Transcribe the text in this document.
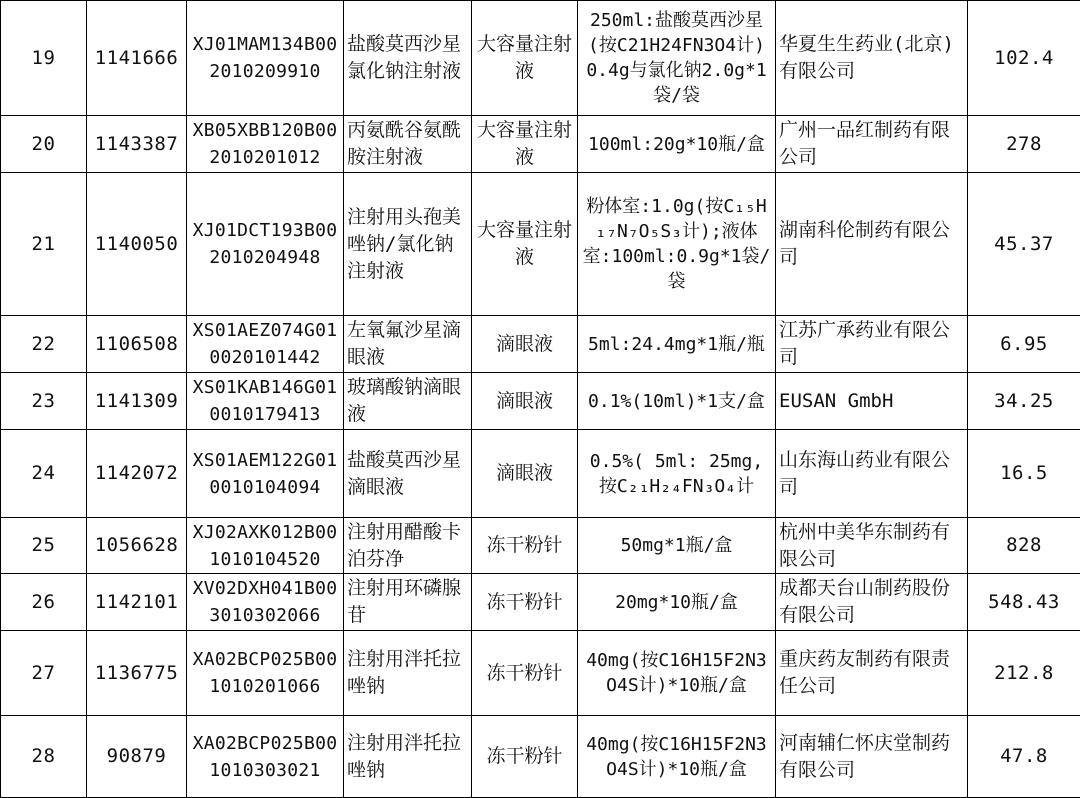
19	1141666	XJ01MAM134B002010209910	盐酸莫西沙星氯化钠注射液	大容量注射液	250ml:盐酸莫西沙星(按C21H24FN3O4计)0.4g与氯化钠2.0g*1袋/袋	华夏生生药业(北京)有限公司	102.4
20	1143387	XB05XBB120B002010201012	丙氨酰谷氨酰胺注射液	大容量注射液	100ml:20g*10瓶/盒	广州一品红制药有限公司	278
21	1140050	XJ01DCT193B002010204948	注射用头孢美唑钠/氯化钠注射液	大容量注射液	粉体室:1.0g(按C₁₅H₁₇N₇O₅S₃计);液体室:100ml:0.9g*1袋/袋	湖南科伦制药有限公司	45.37
22	1106508	XS01AEZ074G010020101442	左氧氟沙星滴眼液	滴眼液	5ml:24.4mg*1瓶/瓶	江苏广承药业有限公司	6.95
23	1141309	XS01KAB146G010010179413	玻璃酸钠滴眼液	滴眼液	0.1%(10ml)*1支/盒	EUSAN GmbH	34.25
24	1142072	XS01AEM122G010010104094	盐酸莫西沙星滴眼液	滴眼液	0.5%( 5ml: 25mg,按C₂₁H₂₄FN₃O₄计	山东海山药业有限公司	16.5
25	1056628	XJ02AXK012B001010104520	注射用醋酸卡泊芬净	冻干粉针	50mg*1瓶/盒	杭州中美华东制药有限公司	828
26	1142101	XV02DXH041B003010302066	注射用环磷腺苷	冻干粉针	20mg*10瓶/盒	成都天台山制药股份有限公司	548.43
27	1136775	XA02BCP025B001010201066	注射用泮托拉唑钠	冻干粉针	40mg(按C16H15F2N3O4S计)*10瓶/盒	重庆药友制药有限责任公司	212.8
28	90879	XA02BCP025B001010303021	注射用泮托拉唑钠	冻干粉针	40mg(按C16H15F2N3O4S计)*10瓶/盒	河南辅仁怀庆堂制药有限公司	47.8
